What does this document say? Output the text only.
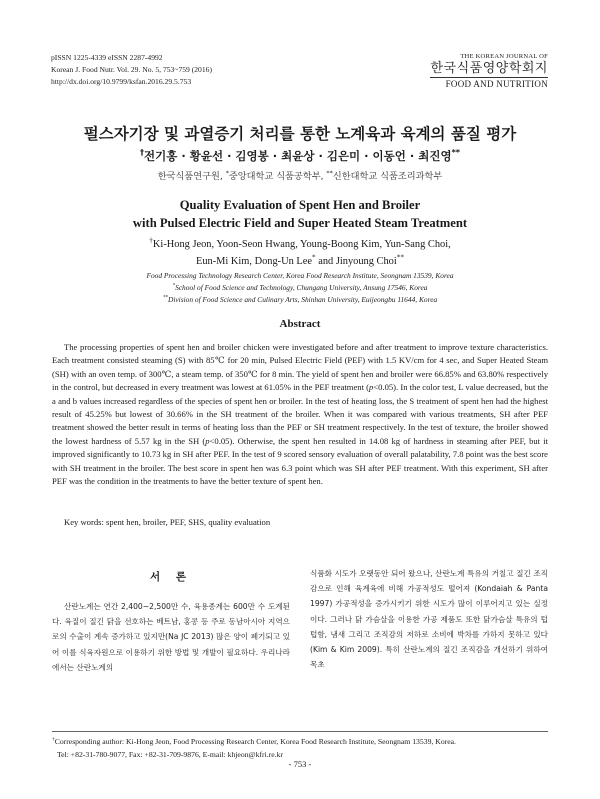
pISSN 1225-4339 eISSN 2287-4992
Korean J. Food Nutr. Vol. 29. No. 5, 753~759 (2016)
http://dx.doi.org/10.9799/ksfan.2016.29.5.753
THE KOREAN JOURNAL OF
한국식품영양학회지
FOOD AND NUTRITION
펄스자기장 및 과열증기 처리를 통한 노계육과 육계의 품질 평가
†전기홍 · 황윤선 · 김영봉 · 최윤상 · 김은미 · 이동언 · 최진영**
한국식품연구원, *중앙대학교 식품공학부, **신한대학교 식품조리과학부
Quality Evaluation of Spent Hen and Broiler
with Pulsed Electric Field and Super Heated Steam Treatment
†Ki-Hong Jeon, Yoon-Seon Hwang, Young-Boong Kim, Yun-Sang Choi,
Eun-Mi Kim, Dong-Un Lee* and Jinyoung Choi**
Food Processing Technology Research Center, Korea Food Research Institute, Seongnam 13539, Korea
*School of Food Science and Technology, Chungang University, Ansung 17546, Korea
**Division of Food Science and Culinary Arts, Shinhan University, Euijeongbu 11644, Korea
Abstract
The processing properties of spent hen and broiler chicken were investigated before and after treatment to improve texture characteristics. Each treatment consisted steaming (S) with 85℃ for 20 min, Pulsed Electric Field (PEF) with 1.5 KV/cm for 4 sec, and Super Heated Steam (SH) with an oven temp. of 300℃, a steam temp. of 350℃ for 8 min. The yield of spent hen and broiler were 66.85% and 63.80% respectively in the control, but decreased in every treatment was lowest at 61.05% in the PEF treatment (p<0.05). In the color test, L value decreased, but the a and b values increased regardless of the species of spent hen or broiler. In the test of heating loss, the S treatment of spent hen had the highest result of 45.25% but lowest of 30.66% in the SH treatment of the broiler. When it was compared with various treatments, SH after PEF treatment showed the better result in terms of heating loss than the PEF or SH treatment respectively. In the test of texture, the broiler showed the lowest hardness of 5.57 kg in the SH (p<0.05). Otherwise, the spent hen resulted in 14.08 kg of hardness in steaming after PEF, but it improved significantly to 10.73 kg in SH after PEF. In the test of 9 scored sensory evaluation of overall palatability, 7.8 point was the best score with SH treatment in the broiler. The best score in spent hen was 6.3 point which was SH after PEF treatment. With this experiment, SH after PEF was the condition in the treatments to have the better texture of spent hen.
Key words: spent hen, broiler, PEF, SHS, quality evaluation
서 론
산란노계는 연간 2,400~2,500만 수, 육용종계는 600만 수 도계된다. 육질이 질긴 닭을 선호하는 베트남, 홍콩 등 주로 동남아시아 지역으로의 수출이 계속 증가하고 있지만(Na JC 2013) 많은 양이 폐기되고 있어 이를 식육자원으로 이용하기 위한 방법 및 개발이 필요하다. 우리나라에서는 산란노계의
식품화 시도가 오랫동안 되어 왔으나, 산란노계 특유의 거칠고 질긴 조직감으로 인해 육계육에 비해 가공적성도 떨어져 (Kondaiah & Panta 1997) 가공적성을 증가시키기 위한 시도가 많이 이루어지고 있는 실정이다. 그러나 닭 가슴살을 이용한 가공 제품도 또한 닭가슴살 특유의 텁텁함, 냄새 그리고 조직감의 저하로 소비에 박차를 가하지 못하고 있다(Kim & Kim 2009). 특히 산란노계의 질긴 조직감을 개선하기 위하여 목초
†Corresponding author: Ki-Hong Jeon, Food Processing Research Center, Korea Food Research Institute, Seongnam 13539, Korea.
Tel: +82-31-780-9077, Fax: +82-31-709-9876, E-mail: khjeon@kfri.re.kr
- 753 -
